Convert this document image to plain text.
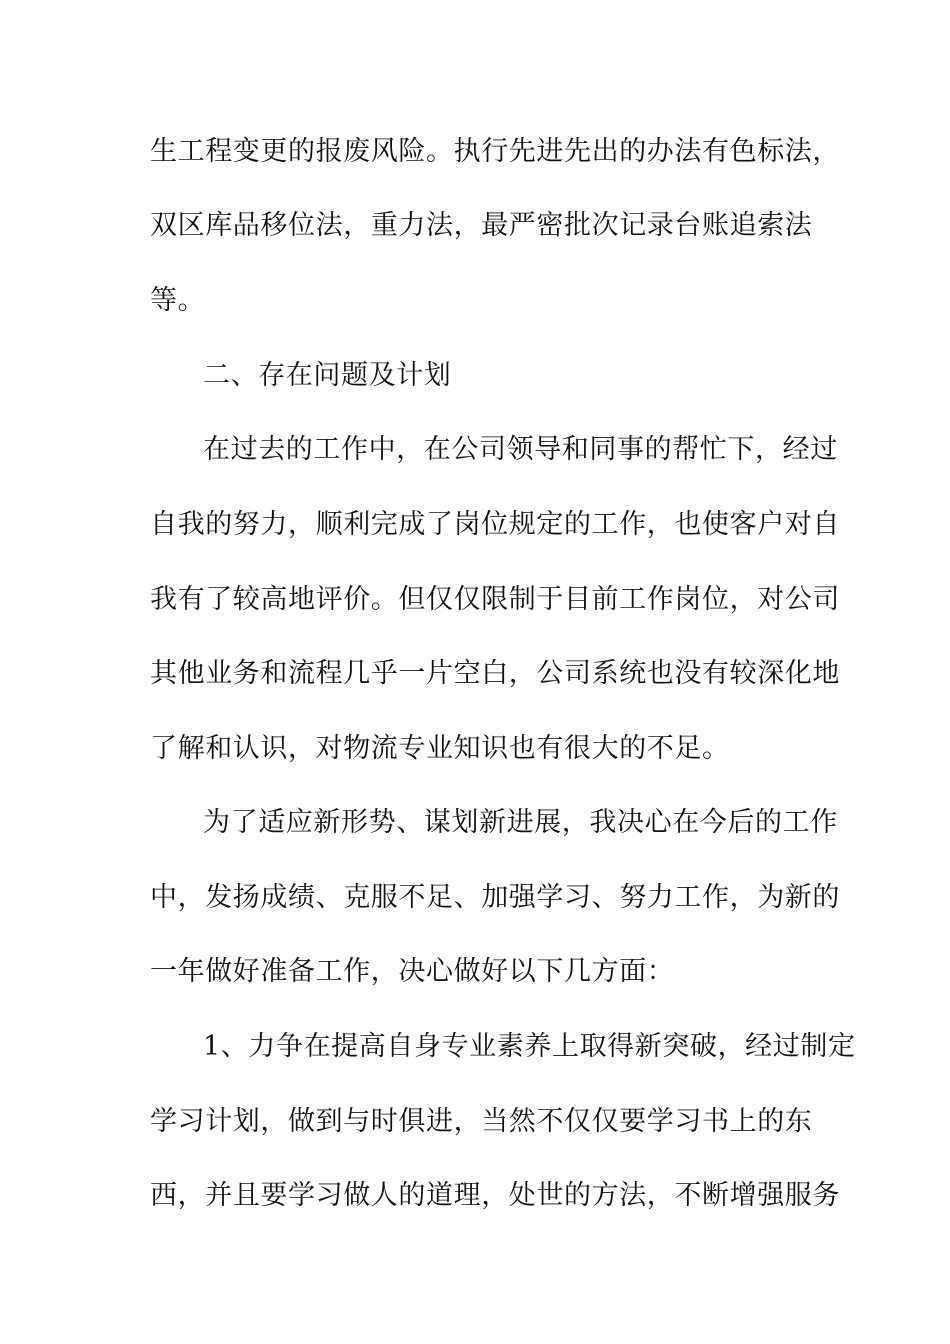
生工程变更的报废风险。执行先进先出的办法有色标法，
双区库品移位法，重力法，最严密批次记录台账追索法
等。
二、存在问题及计划
在过去的工作中，在公司领导和同事的帮忙下，经过
自我的努力，顺利完成了岗位规定的工作，也使客户对自
我有了较高地评价。但仅仅限制于目前工作岗位，对公司
其他业务和流程几乎一片空白，公司系统也没有较深化地
了解和认识，对物流专业知识也有很大的不足。
为了适应新形势、谋划新进展，我决心在今后的工作
中，发扬成绩、克服不足、加强学习、努力工作，为新的
一年做好准备工作，决心做好以下几方面：
1、力争在提高自身专业素养上取得新突破，经过制定
学习计划，做到与时俱进，当然不仅仅要学习书上的东
西，并且要学习做人的道理，处世的方法，不断增强服务
